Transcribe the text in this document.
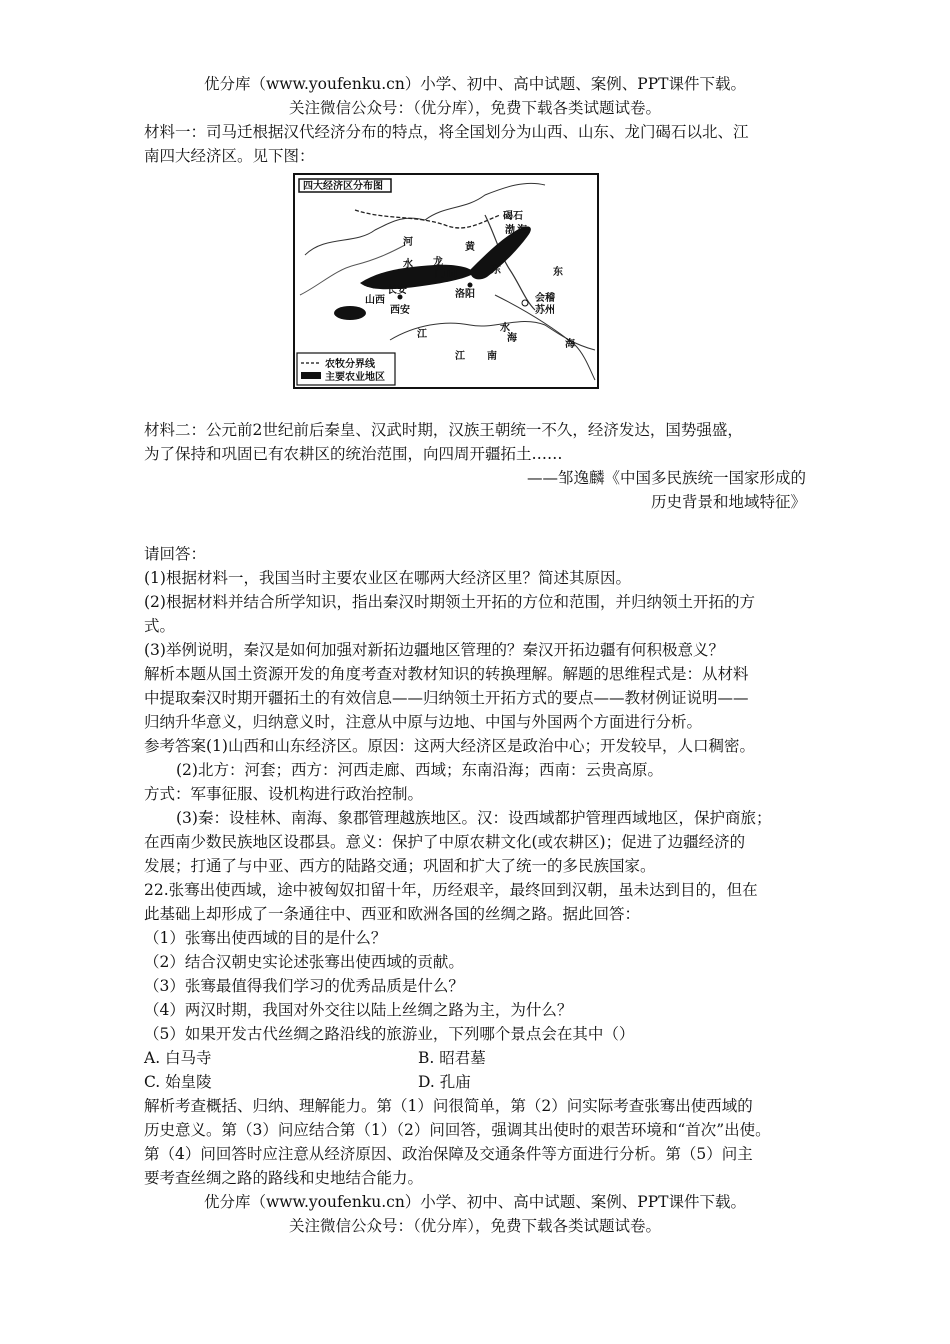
优分库（www.youfenku.cn）小学、初中、高中试题、案例、PPT课件下载。
关注微信公众号：（优分库），免费下载各类试题试卷。
材料一：司马迁根据汉代经济分布的特点，将全国划分为山西、山东、龙门碣石以北、江
南四大经济区。见下图：
四大经济区分布图
碣石
渤 海
黄
河
水 龙
门 山	东	东
海
长安	洛阳
山西
西安
会稽
苏州
江
水
江 南
海
农牧分界线
主要农业地区
材料二：公元前2世纪前后秦皇、汉武时期，汉族王朝统一不久，经济发达，国势强盛，
为了保持和巩固已有农耕区的统治范围，向四周开疆拓土……
——邹逸麟《中国多民族统一国家形成的
历史背景和地域特征》
请回答：
(1)根据材料一，我国当时主要农业区在哪两大经济区里？简述其原因。
(2)根据材料并结合所学知识，指出秦汉时期领土开拓的方位和范围，并归纳领土开拓的方
式。
(3)举例说明，秦汉是如何加强对新拓边疆地区管理的？秦汉开拓边疆有何积极意义？
解析本题从国土资源开发的角度考查对教材知识的转换理解。解题的思维程式是：从材料
中提取秦汉时期开疆拓土的有效信息——归纳领土开拓方式的要点——教材例证说明——
归纳升华意义，归纳意义时，注意从中原与边地、中国与外国两个方面进行分析。
参考答案(1)山西和山东经济区。原因：这两大经济区是政治中心；开发较早，人口稠密。
(2)北方：河套；西方：河西走廊、西域；东南沿海；西南：云贵高原。
方式：军事征服、设机构进行政治控制。
(3)秦：设桂林、南海、象郡管理越族地区。汉：设西域都护管理西域地区，保护商旅；
在西南少数民族地区设郡县。意义：保护了中原农耕文化(或农耕区)；促进了边疆经济的
发展；打通了与中亚、西方的陆路交通；巩固和扩大了统一的多民族国家。
22.张骞出使西域，途中被匈奴扣留十年，历经艰辛，最终回到汉朝，虽未达到目的，但在
此基础上却形成了一条通往中、西亚和欧洲各国的丝绸之路。据此回答：
（1）张骞出使西域的目的是什么？
（2）结合汉朝史实论述张骞出使西域的贡献。
（3）张骞最值得我们学习的优秀品质是什么？
（4）两汉时期，我国对外交往以陆上丝绸之路为主，为什么？
（5）如果开发古代丝绸之路沿线的旅游业，下列哪个景点会在其中（）
A. 白马寺	B. 昭君墓
C. 始皇陵	D. 孔庙
解析考查概括、归纳、理解能力。第（1）问很简单，第（2）问实际考查张骞出使西域的
历史意义。第（3）问应结合第（1）（2）问回答，强调其出使时的艰苦环境和“首次”出使。
第（4）问回答时应注意从经济原因、政治保障及交通条件等方面进行分析。第（5）问主
要考查丝绸之路的路线和史地结合能力。
优分库（www.youfenku.cn）小学、初中、高中试题、案例、PPT课件下载。
关注微信公众号：（优分库），免费下载各类试题试卷。
